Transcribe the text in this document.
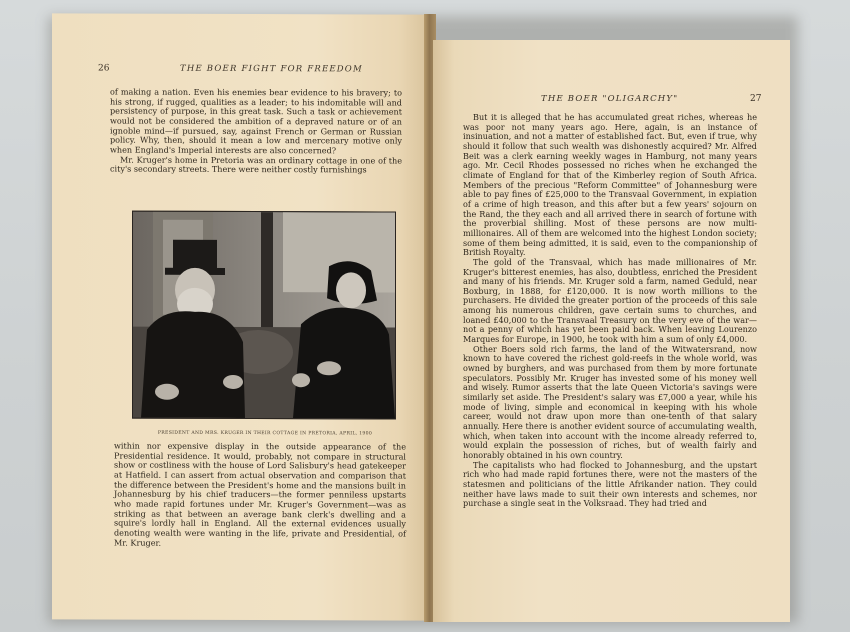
26	THE BOER FIGHT FOR FREEDOM

of making a nation. Even his enemies bear evidence to his bravery; to his strong, if rugged, qualities as a leader; to his indomitable will and persistency of purpose, in this great task. Such a task or achievement would not be considered the ambition of a depraved nature or of an ignoble mind—if pursued, say, against French or German or Russian policy. Why, then, should it mean a low and mercenary motive only when England's Imperial interests are also concerned?

Mr. Kruger's home in Pretoria was an ordinary cottage in one of the city's secondary streets. There were neither costly furnishings

PRESIDENT AND MRS. KRUGER IN THEIR COTTAGE IN PRETORIA, APRIL, 1900

within nor expensive display in the outside appearance of the Presidential residence. It would, probably, not compare in structural show or costliness with the house of Lord Salisbury's head gatekeeper at Hatfield. I can assert from actual observation and comparison that the difference between the President's home and the mansions built in Johannesburg by his chief traducers—the former penniless upstarts who made rapid fortunes under Mr. Kruger's Government—was as striking as that between an average bank clerk's dwelling and a squire's lordly hall in England. All the external evidences usually denoting wealth were wanting in the life, private and Presidential, of Mr. Kruger.

THE BOER "OLIGARCHY"	27

But it is alleged that he has accumulated great riches, whereas he was poor not many years ago. Here, again, is an instance of insinuation, and not a matter of established fact. But, even if true, why should it follow that such wealth was dishonestly acquired? Mr. Alfred Beit was a clerk earning weekly wages in Hamburg, not many years ago. Mr. Cecil Rhodes possessed no riches when he exchanged the climate of England for that of the Kimberley region of South Africa. Members of the precious "Reform Committee" of Johannesburg were able to pay fines of £25,000 to the Transvaal Government, in expiation of a crime of high treason, and this after but a few years' sojourn on the Rand, the they each and all arrived there in search of fortune with the proverbial shilling. Most of these persons are now multi-millionaires. All of them are welcomed into the highest London society; some of them being admitted, it is said, even to the companionship of British Royalty.

The gold of the Transvaal, which has made millionaires of Mr. Kruger's bitterest enemies, has also, doubtless, enriched the President and many of his friends. Mr. Kruger sold a farm, named Geduld, near Boxburg, in 1888, for £120,000. It is now worth millions to the purchasers. He divided the greater portion of the proceeds of this sale among his numerous children, gave certain sums to churches, and loaned £40,000 to the Transvaal Treasury on the very eve of the war—not a penny of which has yet been paid back. When leaving Lourenzo Marques for Europe, in 1900, he took with him a sum of only £4,000.

Other Boers sold rich farms, the land of the Witwatersrand, now known to have covered the richest gold-reefs in the whole world, was owned by burghers, and was purchased from them by more fortunate speculators. Possibly Mr. Kruger has invested some of his money well and wisely. Rumor asserts that the late Queen Victoria's savings were similarly set aside. The President's salary was £7,000 a year, while his mode of living, simple and economical in keeping with his whole career, would not draw upon more than one-tenth of that salary annually. Here there is another evident source of accumulating wealth, which, when taken into account with the income already referred to, would explain the possession of riches, but of wealth fairly and honorably obtained in his own country.

The capitalists who had flocked to Johannesburg, and the upstart rich who had made rapid fortunes there, were not the masters of the statesmen and politicians of the little Afrikander nation. They could neither have laws made to suit their own interests and schemes, nor purchase a single seat in the Volksraad. They had tried and
